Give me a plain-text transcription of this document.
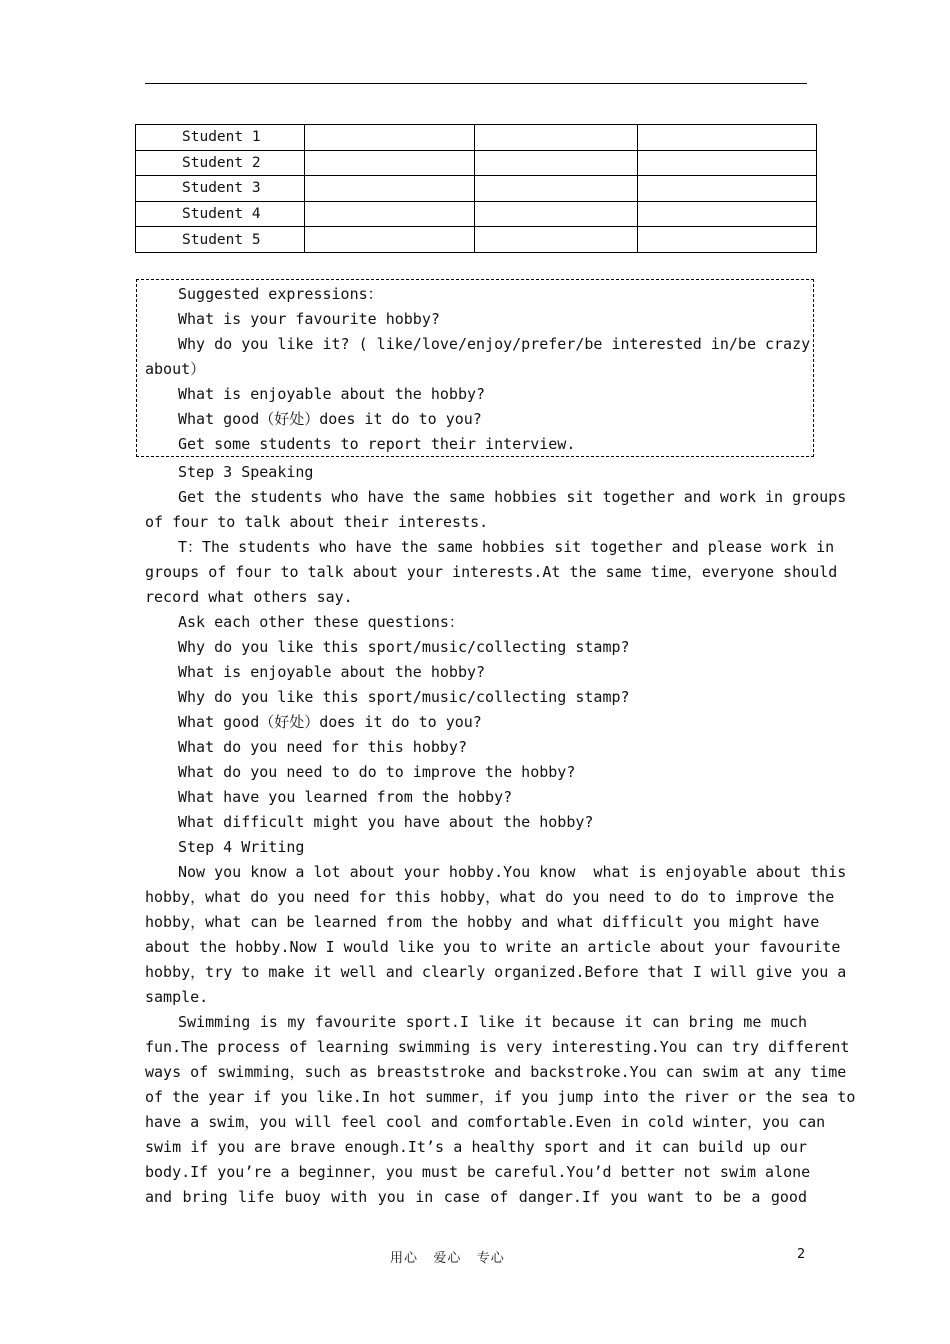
Student 1			
Student 2			
Student 3			
Student 4			
Student 5			
Suggested expressions：
What is your favourite hobby?
Why do you like it? ( like/love/enjoy/prefer/be interested in/be crazy
about）
What is enjoyable about the hobby?
What good（好处）does it do to you?
Get some students to report their interview.
Step 3 Speaking
Get the students who have the same hobbies sit together and work in groups
of four to talk about their interests.
T：The students who have the same hobbies sit together and please work in
groups of four to talk about your interests.At the same time，everyone should
record what others say.
Ask each other these questions：
Why do you like this sport/music/collecting stamp?
What is enjoyable about the hobby?
Why do you like this sport/music/collecting stamp?
What good（好处）does it do to you?
What do you need for this hobby?
What do you need to do to improve the hobby?
What have you learned from the hobby?
What difficult might you have about the hobby?
Step 4 Writing
Now you know a lot about your hobby.You know  what is enjoyable about this
hobby，what do you need for this hobby，what do you need to do to improve the
hobby，what can be learned from the hobby and what difficult you might have
about the hobby.Now I would like you to write an article about your favourite
hobby，try to make it well and clearly organized.Before that I will give you a
sample.
Swimming is my favourite sport.I like it because it can bring me much
fun.The process of learning swimming is very interesting.You can try different
ways of swimming，such as breaststroke and backstroke.You can swim at any time
of the year if you like.In hot summer，if you jump into the river or the sea to
have a swim，you will feel cool and comfortable.Even in cold winter，you can
swim if you are brave enough.It’s a healthy sport and it can build up our
body.If you’re a beginner，you must be careful.You’d better not swim alone
and bring life buoy with you in case of danger.If you want to be a good
用心   爱心   专心	2
